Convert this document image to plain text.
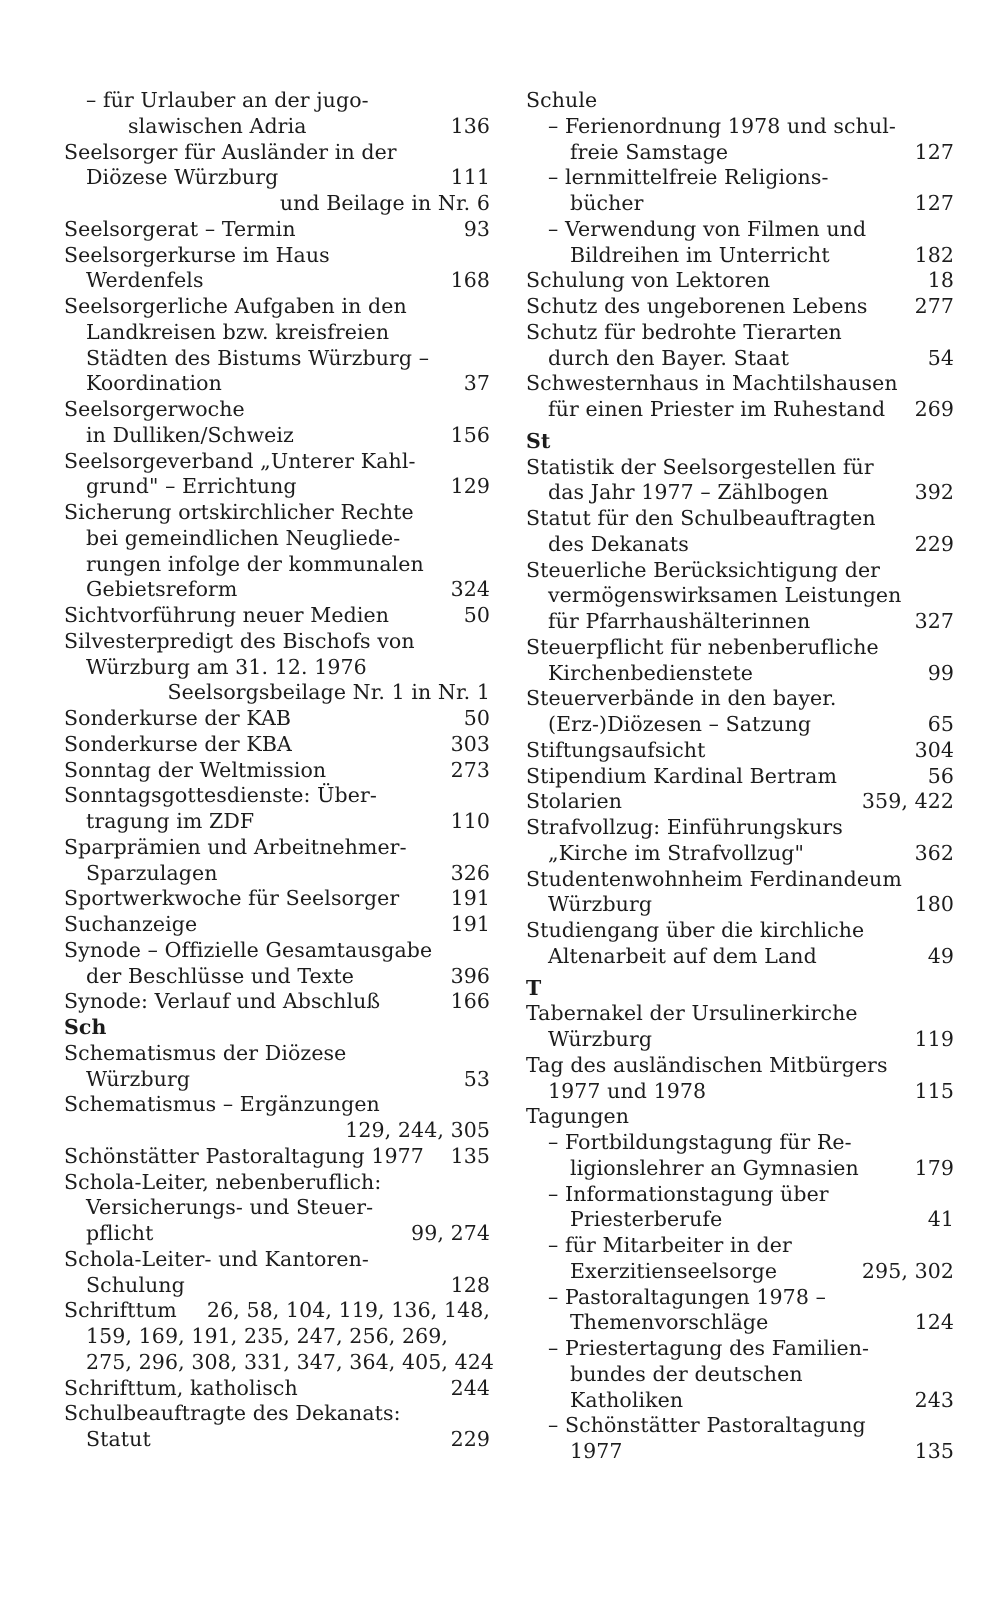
– für Urlauber an der jugo-
slawischen Adria	136
Seelsorger für Ausländer in der
Diözese Würzburg	111
und Beilage in Nr. 6
Seelsorgerat – Termin	93
Seelsorgerkurse im Haus
Werdenfels	168
Seelsorgerliche Aufgaben in den
Landkreisen bzw. kreisfreien
Städten des Bistums Würzburg –
Koordination	37
Seelsorgerwoche
in Dulliken/Schweiz	156
Seelsorgeverband „Unterer Kahl-
grund" – Errichtung	129
Sicherung ortskirchlicher Rechte
bei gemeindlichen Neugliede-
rungen infolge der kommunalen
Gebietsreform	324
Sichtvorführung neuer Medien	50
Silvesterpredigt des Bischofs von
Würzburg am 31. 12. 1976
Seelsorgsbeilage Nr. 1 in Nr. 1
Sonderkurse der KAB	50
Sonderkurse der KBA	303
Sonntag der Weltmission	273
Sonntagsgottesdienste: Über-
tragung im ZDF	110
Sparprämien und Arbeitnehmer-
Sparzulagen	326
Sportwerkwoche für Seelsorger	191
Suchanzeige	191
Synode – Offizielle Gesamtausgabe
der Beschlüsse und Texte	396
Synode: Verlauf und Abschluß	166
Sch
Schematismus der Diözese
Würzburg	53
Schematismus – Ergänzungen
129, 244, 305
Schönstätter Pastoraltagung 1977 135
Schola-Leiter, nebenberuflich:
Versicherungs- und Steuer-
pflicht	99, 274
Schola-Leiter- und Kantoren-
Schulung	128
Schrifttum 26, 58, 104, 119, 136, 148,
159, 169, 191, 235, 247, 256, 269,
275, 296, 308, 331, 347, 364, 405, 424
Schrifttum, katholisch	244
Schulbeauftragte des Dekanats:
Statut	229
Schule
– Ferienordnung 1978 und schul-
freie Samstage	127
– lernmittelfreie Religions-
bücher	127
– Verwendung von Filmen und
Bildreihen im Unterricht	182
Schulung von Lektoren	18
Schutz des ungeborenen Lebens 277
Schutz für bedrohte Tierarten
durch den Bayer. Staat	54
Schwesternhaus in Machtilshausen
für einen Priester im Ruhestand 269
St
Statistik der Seelsorgestellen für
das Jahr 1977 – Zählbogen	392
Statut für den Schulbeauftragten
des Dekanats	229
Steuerliche Berücksichtigung der
vermögenswirksamen Leistungen
für Pfarrhaushälterinnen	327
Steuerpflicht für nebenberufliche
Kirchenbedienstete	99
Steuerverbände in den bayer.
(Erz-)Diözesen – Satzung	65
Stiftungsaufsicht	304
Stipendium Kardinal Bertram	56
Stolarien	359, 422
Strafvollzug: Einführungskurs
„Kirche im Strafvollzug"	362
Studentenwohnheim Ferdinandeum
Würzburg	180
Studiengang über die kirchliche
Altenarbeit auf dem Land	49
T
Tabernakel der Ursulinerkirche
Würzburg	119
Tag des ausländischen Mitbürgers
1977 und 1978	115
Tagungen
– Fortbildungstagung für Re-
ligionslehrer an Gymnasien	179
– Informationstagung über
Priesterberufe	41
– für Mitarbeiter in der
Exerzitienseelsorge	295, 302
– Pastoraltagungen 1978 –
Themenvorschläge	124
– Priestertagung des Familien-
bundes der deutschen
Katholiken	243
– Schönstätter Pastoraltagung
1977	135
